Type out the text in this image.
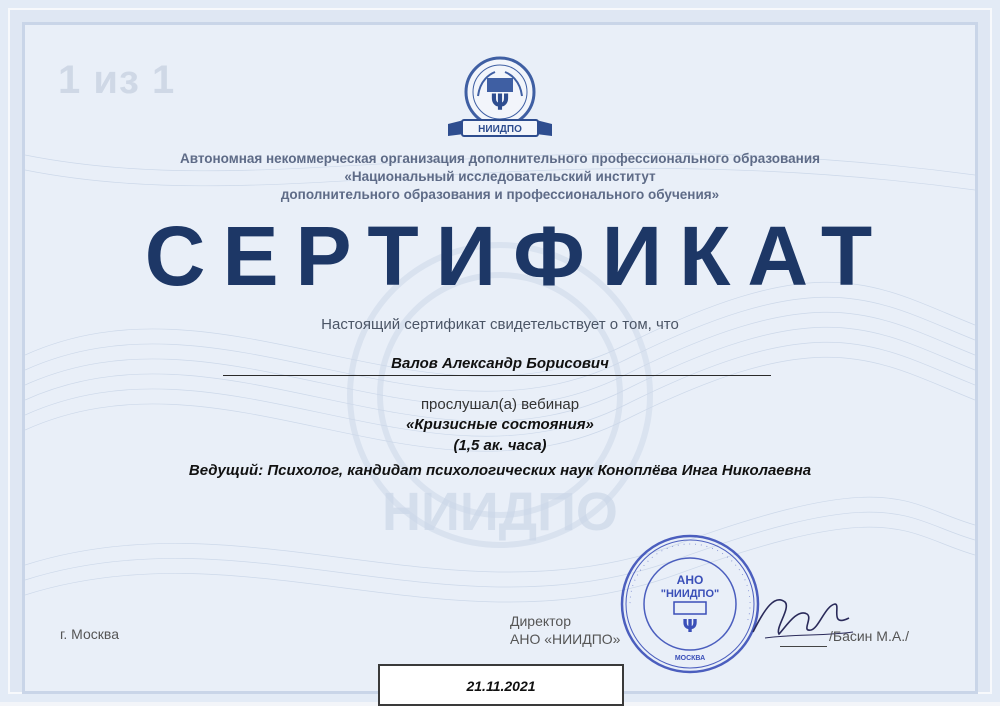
НИИДПО
1 из 1
Ψ
НИИДПО
Автономная некоммерческая организация дополнительного профессионального образования
«Национальный исследовательский институт
дополнительного образования и профессионального обучения»
СЕРТИФИКАТ
Настоящий сертификат свидетельствует о том, что
Валов Александр Борисович
прослушал(а) вебинар
«Кризисные состояния»
(1,5 ак. часа)
Ведущий: Психолог, кандидат психологических наук Коноплёва Инга Николаевна
г. Москва
Директор
АНО «НИИДПО»
· · · · · · · · · · · · · · · · · · · · · · · · · · · · · · · · · · · ·
АНО
"НИИДПО"
Ψ
МОСКВА
/Басин М.А./
21.11.2021
